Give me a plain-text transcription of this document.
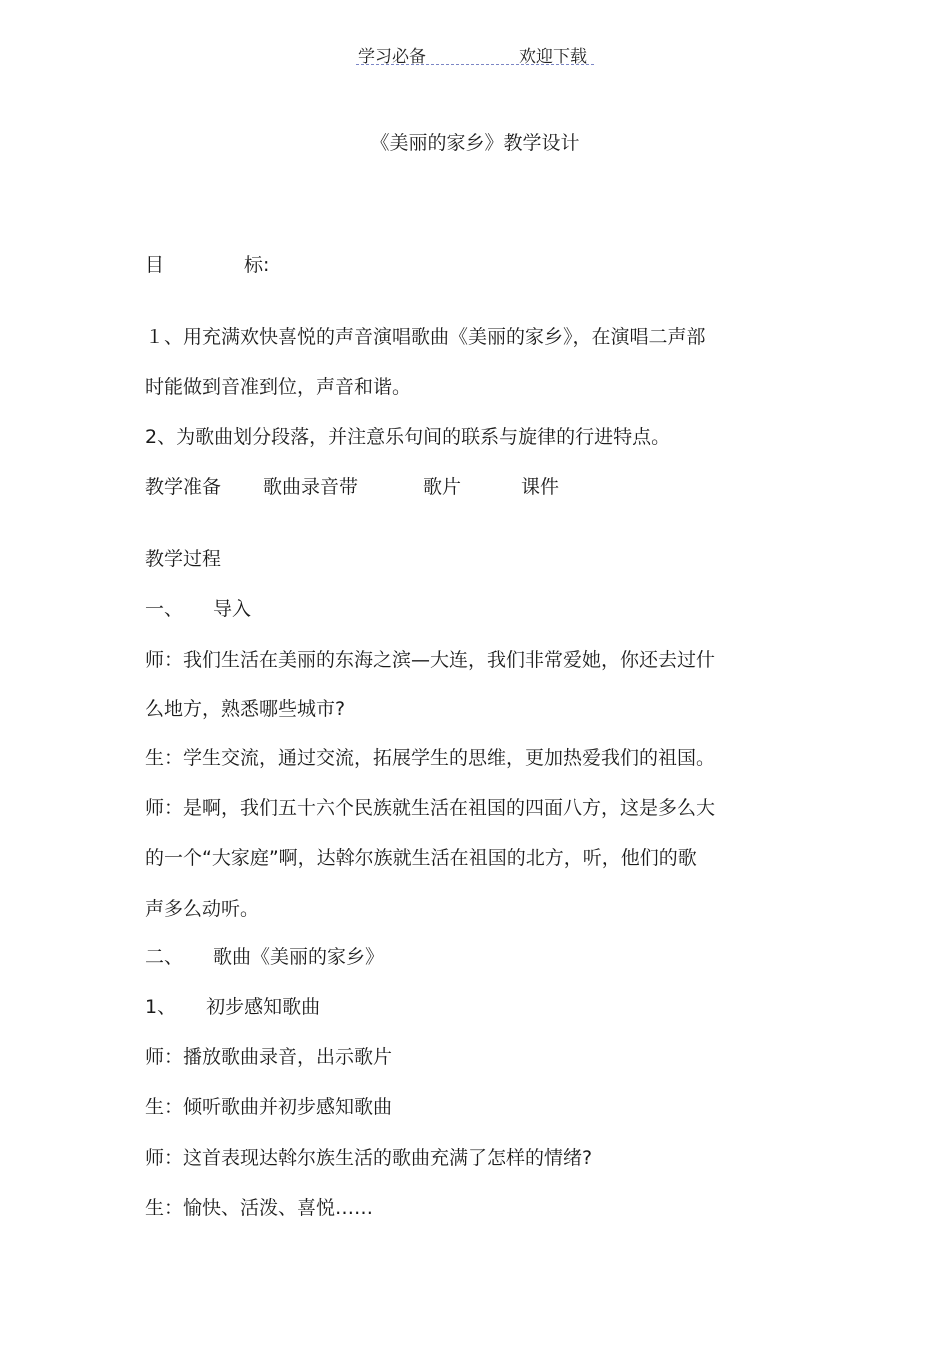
学习必备	欢迎下载
《美丽的家乡》教学设计
目	标:
１、用充满欢快喜悦的声音演唱歌曲《美丽的家乡》，在演唱二声部
时能做到音准到位，声音和谐。
2、为歌曲划分段落，并注意乐句间的联系与旋律的行进特点。
教学准备 歌曲录音带	歌片	课件
教学过程
一、 导入
师：我们生活在美丽的东海之滨—大连，我们非常爱她，你还去过什
么地方，熟悉哪些城市?
生：学生交流，通过交流，拓展学生的思维，更加热爱我们的祖国。
师：是啊，我们五十六个民族就生活在祖国的四面八方，这是多么大
的一个“大家庭”啊，达斡尔族就生活在祖国的北方，听，他们的歌
声多么动听。
二、 歌曲《美丽的家乡》
1、 初步感知歌曲
师：播放歌曲录音，出示歌片
生：倾听歌曲并初步感知歌曲
师：这首表现达斡尔族生活的歌曲充满了怎样的情绪?
生：愉快、活泼、喜悦……
